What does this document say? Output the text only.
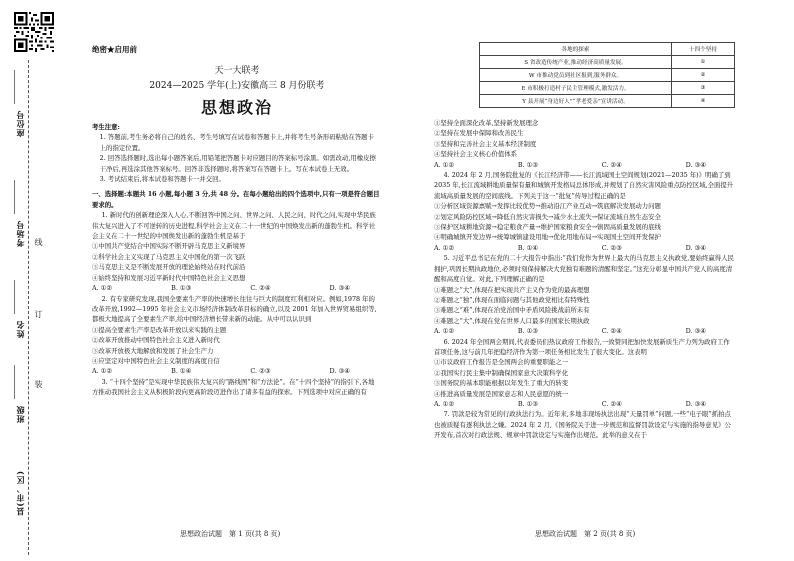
座位号
考场号
姓名
班级
县(市、区)
线
订
装
绝密★启用前
天一大联考
2024—2025 学年(上)安徽高三 8 月份联考
思想政治

考生注意:

1. 答题前,考生务必将自己的姓名、考生号填写在试卷和答题卡上,并将考生号条形码粘贴在答题卡上的指定位置。

2. 回答选择题时,选出每小题答案后,用铅笔把答题卡对应题目的答案标号涂黑。如需改动,用橡皮擦干净后,再选涂其他答案标号。回答非选择题时,将答案写在答题卡上。写在本试卷上无效。

3. 考试结束后,将本试卷和答题卡一并交回。

一、选择题:本题共 16 小题,每小题 3 分,共 48 分。在每小题给出的四个选项中,只有一项是符合题目要求的。

1. 新时代的创新理论深入人心,不断回答中国之问、世界之问、人民之问、时代之问,实现中华民族伟大复兴进入了不可逆转的历史进程,科学社会主义在二十一世纪的中国焕发出新的蓬勃生机。科学社会主义在二十一世纪的中国焕发出新的蓬勃生机是基于

①中国共产党结合中国实际不断开辟马克思主义新境界

②科学社会主义实现了马克思主义中国化的第一次飞跃

③马克思主义是不断发展开放的理论始终站在时代前沿

④始终坚持和发展习近平新时代中国特色社会主义思想

A. ①②	B. ①③	C. ②④	D. ③④

2. 有专家研究发现,我国全要素生产率的快速增长往往与巨大的制度红利相对应。例如,1978 年的改革开放,1992—1995 年社会主义市场经济体制改革目标的确立,以及 2001 年加入世界贸易组织等,都极大地提高了全要素生产率,给中国经济增长带来新的动能。从中可以认识到

①提高全要素生产率是改革开放以来实践的主题

②改革开放推动中国特色社会主义进入新时代

③改革开放极大地解放和发展了社会生产力

④应坚定对中国特色社会主义制度的高度自信

A. ①②	B. ①④	C. ②③	D. ③④

3. “十四个坚持”是实现中华民族伟大复兴的“路线图”和“方法论”。在“十四个坚持”的指引下,各地方推动我国社会主义从积极阶段向更高阶段迈进作出了诸多有益的探索。下列选项中对应正确的有

各地的探索	十四个坚持
S 省改造传统产业,推动经济高质量发展。	①
W 市推动党员到社区报到,服务群众。	②
E 市积极打造村子民主管理模式,激发活力。	③
Y 县开展“身边好人”“孝老爱亲”宣讲活动。	④

①坚持全面深化改革,坚持新发展理念

②坚持在发展中保障和改善民生

③坚持和完善社会主义基本经济制度

④坚持社会主义核心价值体系

A. ①②	B. ①③	C. ②④	D. ③④

4. 2024 年 2 月,国务院批复的《长江经济带——长江流域国土空间规划(2021—2035 年)》明确了到 2035 年,长江流域耕地质量保有量和城镇开发格局总体形成,并规划了自然灾害风险重点防控区域,全面提升流域高质量发展的空间底线。下列关于这一“批复”传导过程正确的是

①分析区域资源禀赋→发挥比较优势→推动沿江产业互动→筑底解决发展动力问题

②划定风险防控区域→降低自然灾害损失→减少水土流失→保证流域自然生态安全

③保护区域耕地资源→稳定粮食产量→维护国家粮食安全→镇固高质量发展的底线

④明确城镇开发边界→统筹城镇建设用地→优化用地布局→实现国土空间开发保护

A. ①②	B. ①④	C. ②③	D. ③④

5. 习近平总书记在党的二十大报告中指出:“我们党作为世界上最大的马克思主义执政党,要始终赢得人民拥护,巩固长期执政地位,必须时刻保持解决大党独有难题的清醒和坚定。”这充分彰显中国共产党人的高度清醒和高度自觉。对此,下列理解正确的是

①难题之“大”,体现在把实现共产主义作为党的最高理想

②难题之“独”,体现在面临问题与其他政党相比有特殊性

③难题之“难”,体现在治党治国中矛盾风险挑战前所未有

④难题之“大”,体现在党在世界人口最多的国家长期执政

A. ①②	B. ①③	C. ②④	D. ③④

6. 2024 年全国两会期间,代表委员们热议政府工作报告,一致赞同把加快发展新质生产力列为政府工作首项任务,这与前几年把稳经济作为第一项任务相比发生了很大变化。这表明

①市议政府工作报告是全国两会的重要职能之一

②我国实行民主集中制确保国家意大决策科学化

③国务院的基本职能根据以年发生了重大的转变

④推进高质量发展是国家意志和人民意愿的统一

A. ①②	B. ①③	C. ②④	D. ③④

7. 罚款是较为常见的行政执法行为。近年来,多地非现场执法出现“天量罚单”问题,一些“电子眼”抓拍点也被质疑有逐利执法之嫌。2024 年 2 月,《国务院关于进一步规范和监督罚款设定与实施的指导意见》公开发布,首次对行政法规、规章中罚款设定与实施作出规范。此举的意义在于

思想政治试题　第 1 页(共 8 页)	思想政治试题　第 2 页(共 8 页)
